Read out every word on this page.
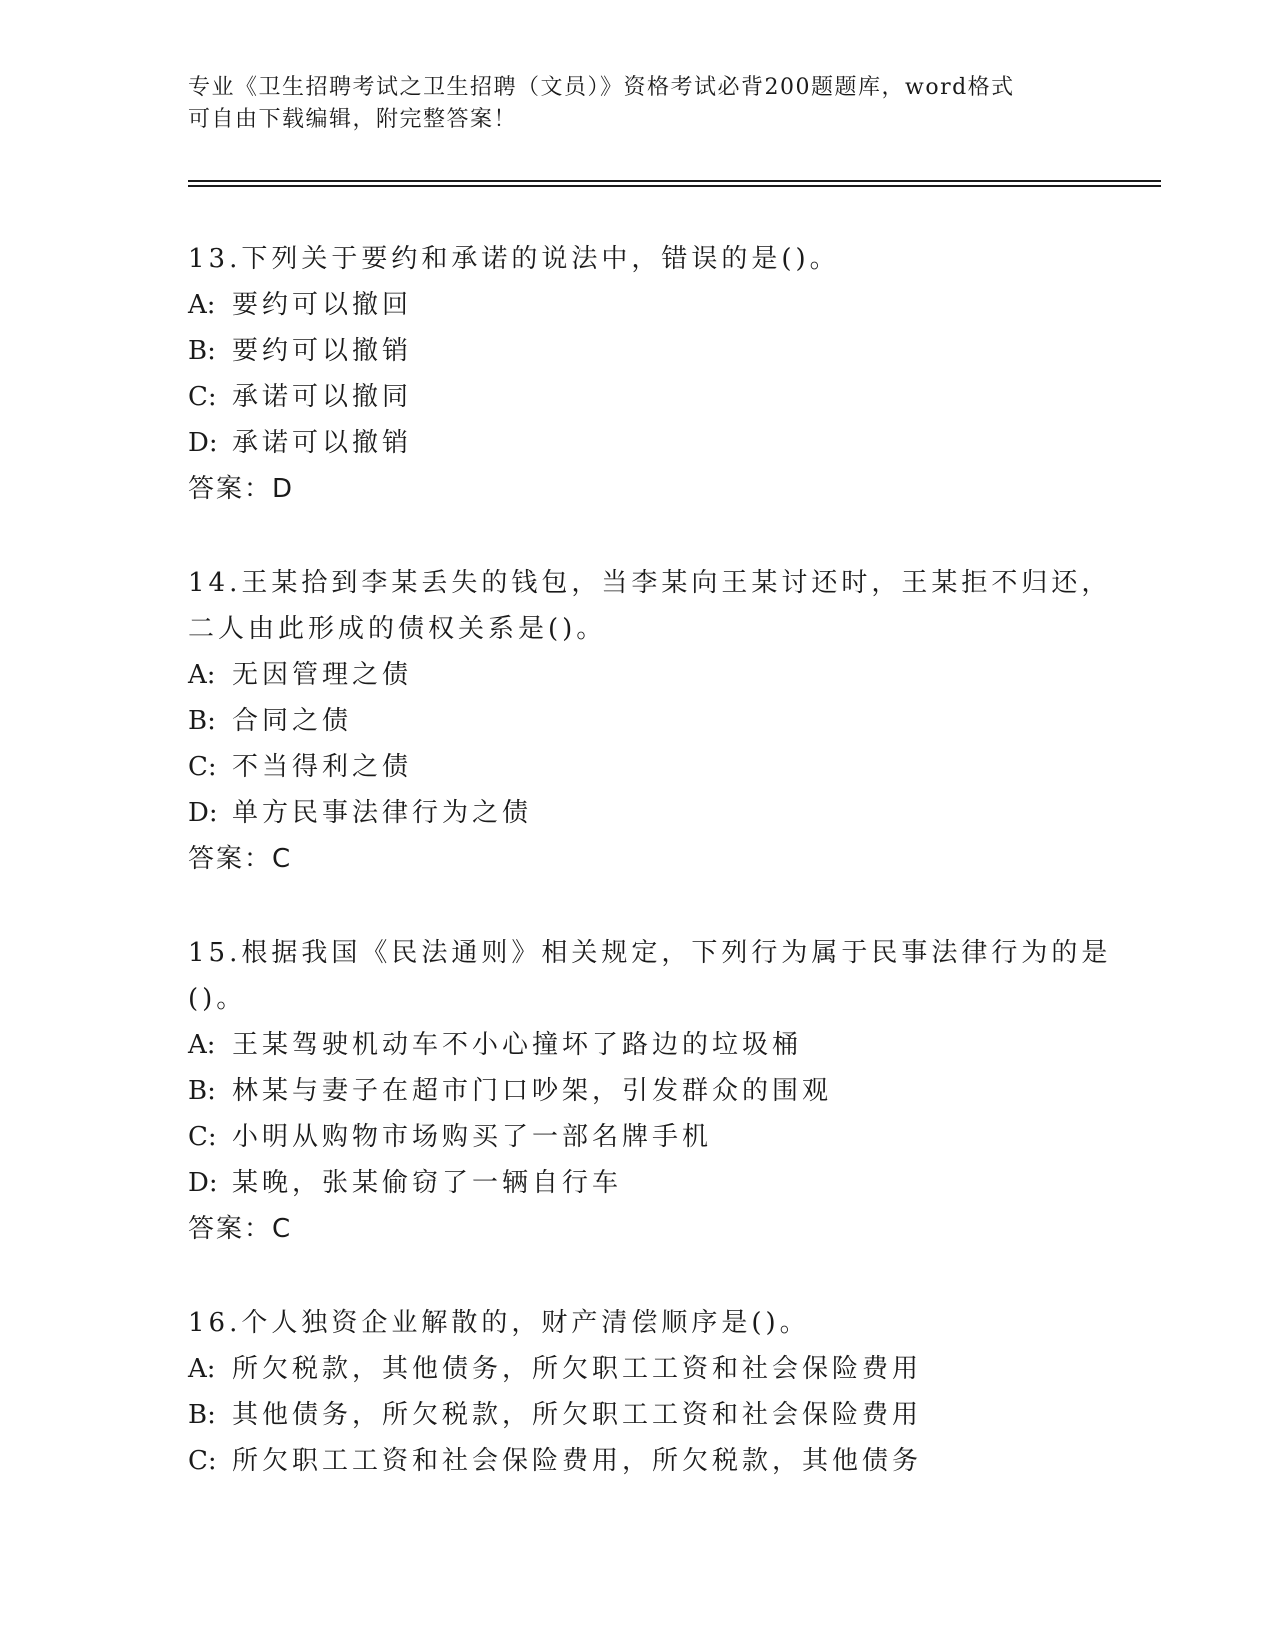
专业《卫生招聘考试之卫生招聘（文员）》资格考试必背200题题库，word格式
可自由下载编辑，附完整答案！
13.下列关于要约和承诺的说法中，错误的是()。
A: 要约可以撤回
B: 要约可以撤销
C: 承诺可以撤同
D: 承诺可以撤销
答案：D
14.王某拾到李某丢失的钱包，当李某向王某讨还时，王某拒不归还，
二人由此形成的债权关系是()。
A: 无因管理之债
B: 合同之债
C: 不当得利之债
D: 单方民事法律行为之债
答案：C
15.根据我国《民法通则》相关规定，下列行为属于民事法律行为的是
()。
A: 王某驾驶机动车不小心撞坏了路边的垃圾桶
B: 林某与妻子在超市门口吵架，引发群众的围观
C: 小明从购物市场购买了一部名牌手机
D: 某晚，张某偷窃了一辆自行车
答案：C
16.个人独资企业解散的，财产清偿顺序是()。
A: 所欠税款，其他债务，所欠职工工资和社会保险费用
B: 其他债务，所欠税款，所欠职工工资和社会保险费用
C: 所欠职工工资和社会保险费用，所欠税款，其他债务
